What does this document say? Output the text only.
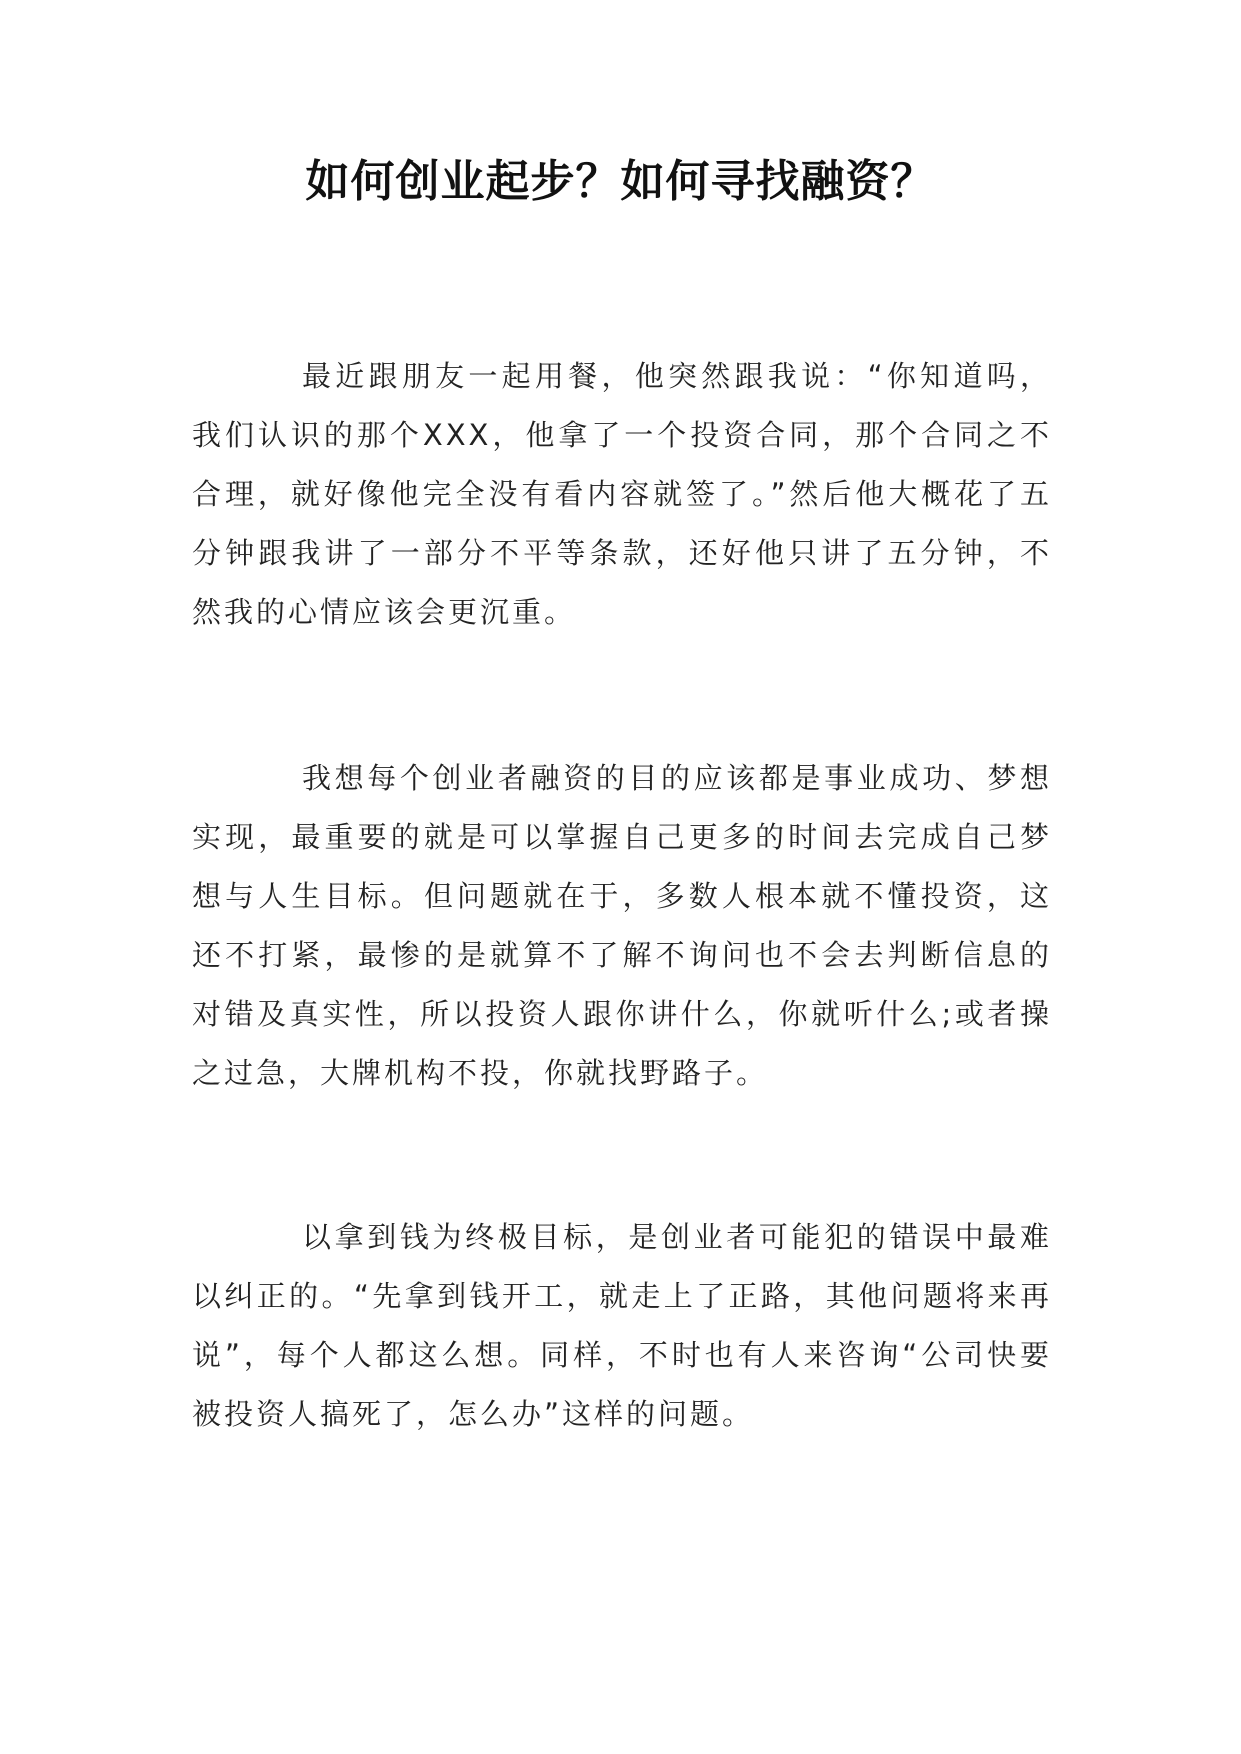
如何创业起步？如何寻找融资？

最近跟朋友一起用餐，他突然跟我说：“你知道吗，我们认识的那个XXX，他拿了一个投资合同，那个合同之不合理，就好像他完全没有看内容就签了。”然后他大概花了五分钟跟我讲了一部分不平等条款，还好他只讲了五分钟，不然我的心情应该会更沉重。

我想每个创业者融资的目的应该都是事业成功、梦想实现，最重要的就是可以掌握自己更多的时间去完成自己梦想与人生目标。但问题就在于，多数人根本就不懂投资，这还不打紧，最惨的是就算不了解不询问也不会去判断信息的对错及真实性，所以投资人跟你讲什么，你就听什么;或者操之过急，大牌机构不投，你就找野路子。

以拿到钱为终极目标，是创业者可能犯的错误中最难以纠正的。“先拿到钱开工，就走上了正路，其他问题将来再说”，每个人都这么想。同样，不时也有人来咨询“公司快要被投资人搞死了，怎么办”这样的问题。
